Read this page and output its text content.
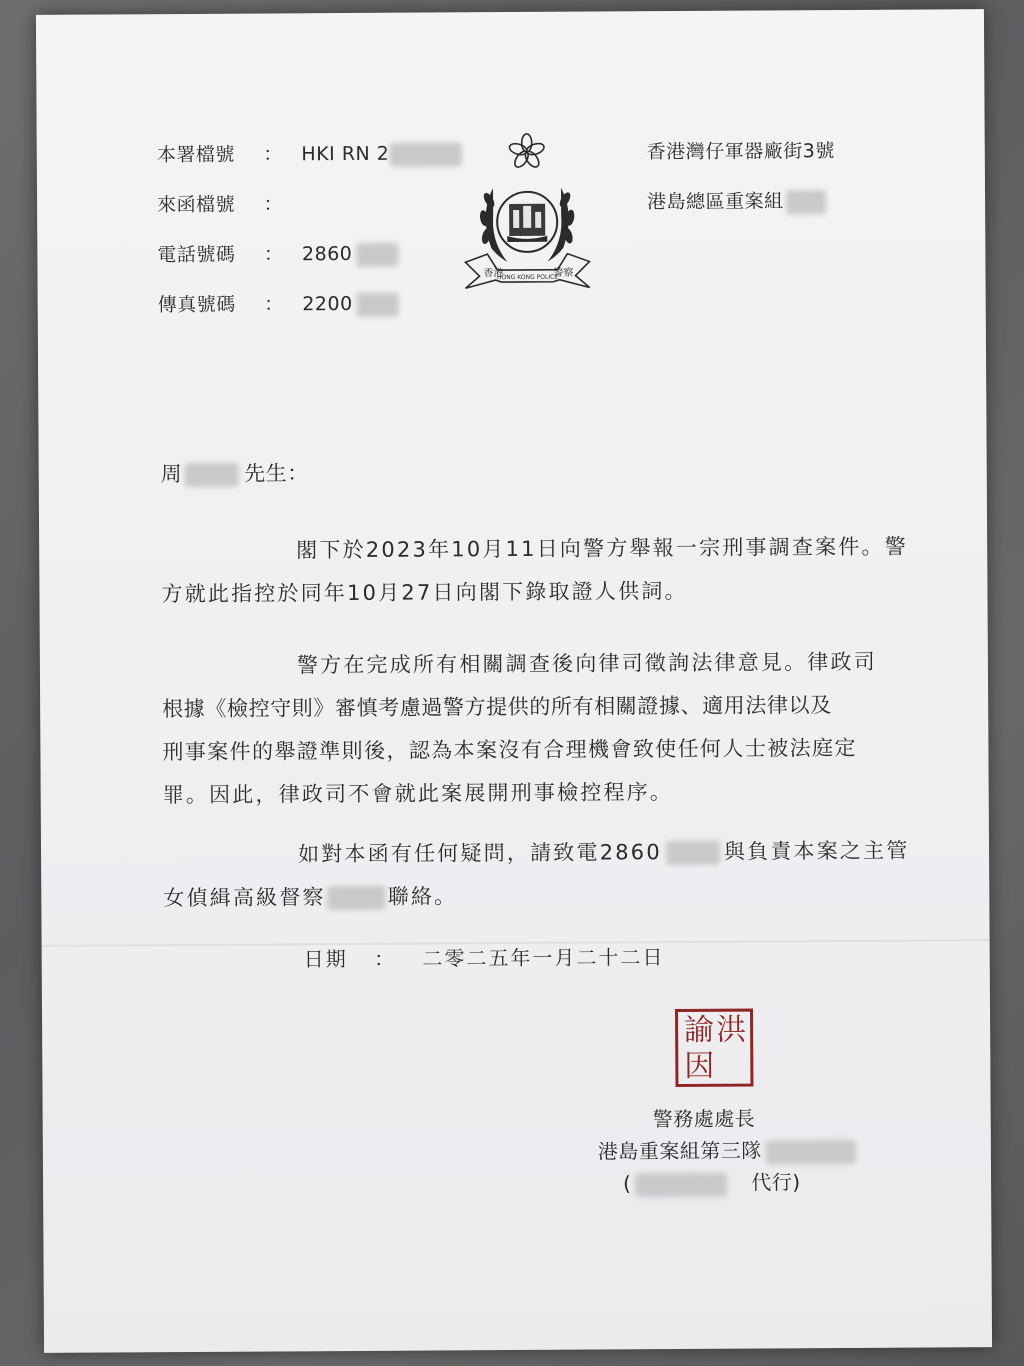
本署檔號 ： HKI RN 2
來函檔號 ：
電話號碼 ： 2860
傳真號碼 ： 2200
香港
HONG KONG POLICE
警察
香港灣仔軍器廠街3號
港島總區重案組
周	先生：
閣下於2023年10月11日向警方舉報一宗刑事調查案件。警
方就此指控於同年10月27日向閣下錄取證人供詞。
警方在完成所有相關調查後向律司徵詢法律意見。律政司
根據《檢控守則》審慎考慮過警方提供的所有相關證據、適用法律以及
刑事案件的舉證準則後，認為本案沒有合理機會致使任何人士被法庭定
罪。因此，律政司不會就此案展開刑事檢控程序。
如對本函有任何疑問，請致電2860	與負責本案之主管
女偵緝高級督察	聯絡。
日期 ： 二零二五年一月二十二日
洪
諭
因
警務處處長
港島重案組第三隊
(	代行)
